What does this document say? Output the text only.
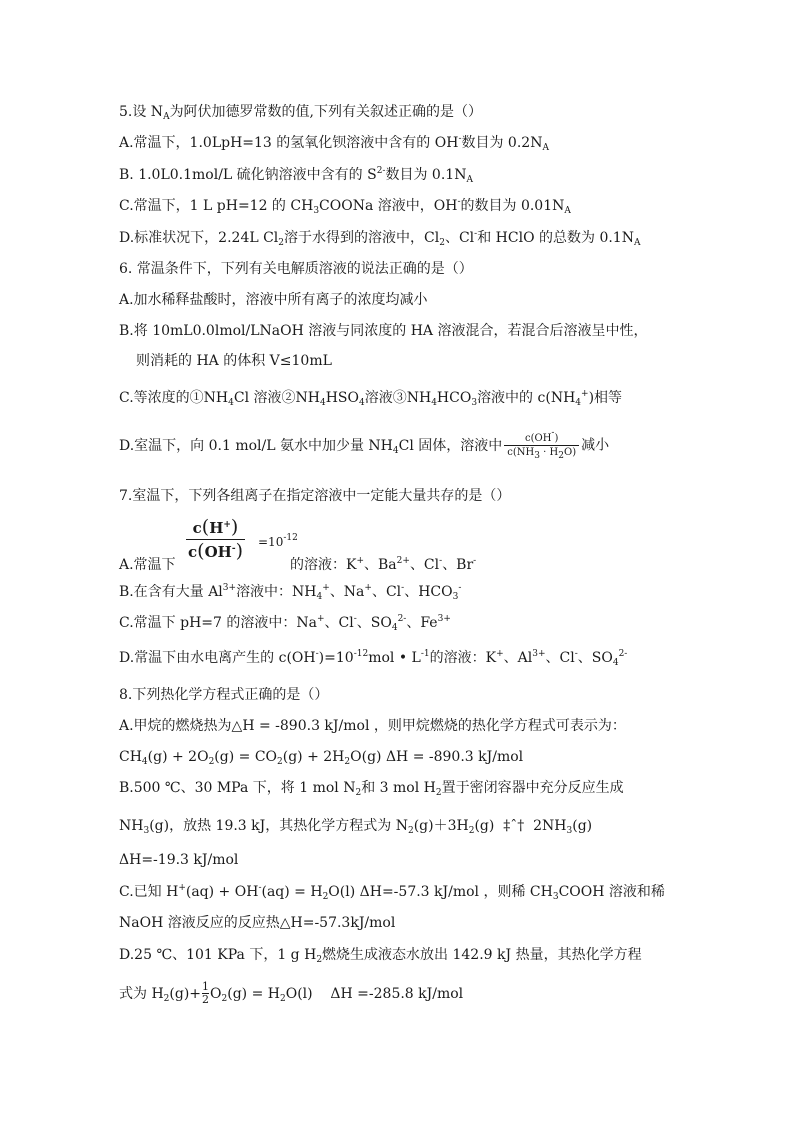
5.设 $N_A$为阿伏加德罗常数的值,下列有关叙述正确的是（）
A.常温下，1.0LpH=13 的氢氧化钡溶液中含有的 OH-数目为 $0.2N_A$
B. 1.0L0.1mol/L 硫化钠溶液中含有的 $S^{2-}$数目为 $0.1N_A$
C.常温下，1 L pH=12 的 $CH_3COONa$ 溶液中，OH-的数目为 $0.01N_A$
D.标准状况下，2.24L $Cl_2$溶于水得到的溶液中，$Cl_2$、Cl-和 HClO 的总数为 $0.1N_A$
6. 常温条件下，下列有关电解质溶液的说法正确的是（）
A.加水稀释盐酸时，溶液中所有离子的浓度均减小
B.将 10mL0.0lmol/LNaOH 溶液与同浓度的 HA 溶液混合，若混合后溶液呈中性，
则消耗的 HA 的体积 V≤10mL
C.等浓度的$①NH_4Cl$ 溶液$②NH_4HSO_4$溶液$③NH_4HCO_3$溶液中的 $c(NH_4^+)$相等
D.室温下，向 0.1 mol/L 氨水中加少量 $NH_4Cl$ 固体，溶液中 $\frac{c(OH^-)}{c(NH_3 \cdot H_2O)}$ 减小
7.室温下，下列各组离子在指定溶液中一定能大量共存的是（）
$\frac{c(H^+)}{c(OH^-)} =10^{-12}$
A.常温下	的溶液：K+、$Ba^{2+}$、Cl-、Br-
B.在含有大量 $Al^{3+}$溶液中：$NH_4^+$、Na+、Cl-、$HCO_3^-$
C.常温下 pH=7 的溶液中：Na+、Cl-、$SO_4^{2-}$、$Fe^{3+}$
D.常温下由水电离产生的 $c(OH^-)=10^{-12}mol$ • $L^{-1}$的溶液：K+、$Al^{3+}$、Cl-、$SO_4^{2-}$
8.下列热化学方程式正确的是（）
A.甲烷的燃烧热为△H = -890.3 kJ/mol ，则甲烷燃烧的热化学方程式可表示为：
$CH_4(g) + 2O_2(g) = CO_2(g) + 2H_2O(g) \Delta H = -890.3$ kJ/mol
B.500 ℃、30 MPa 下，将 1 mol $N_2$和 3 mol $H_2$置于密闭容器中充分反应生成
$NH_3(g)$，放热 19.3 kJ，其热化学方程式为 $N_2(g)+3H_2(g)$  ‡ˆ†  $2NH_3(g)$
ΔH=-19.3 kJ/mol
C.已知 $H^+(aq) + OH^-(aq) = H_2O(l)$ ΔH=-57.3 kJ/mol ，则稀 $CH_3COOH$ 溶液和稀
NaOH 溶液反应的反应热△H=-57.3kJ/mol
D.25 ℃、101 KPa 下，1 g $H_2$燃烧生成液态水放出 142.9 kJ 热量，其热化学方程
式为 $H_2(g)+ \frac{1}{2} O_2(g) = H_2O(l)$    ΔH =-285.8 kJ/mol
